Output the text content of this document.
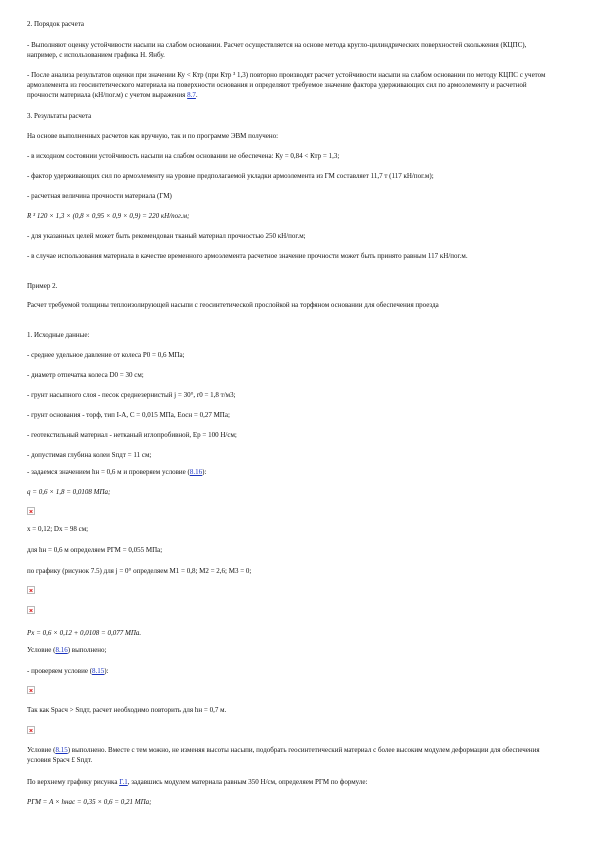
2. Порядок расчета

- Выполняют оценку устойчивости насыпи на слабом основании. Расчет осуществляется на основе метода кругло-цилиндрических поверхностей скольжения (КЦПС), например, с использованием графика Н. Янбу.

- После анализа результатов оценки при значении Ку < Ктр (при Ктр ³ 1,3) повторно производят расчет устойчивости насыпи на слабом основании по методу КЦПС с учетом армоэлемента из геосинтетического материала на поверхности основания и определяют требуемое значение фактора удерживающих сил по армоэлементу и расчетной прочности материала (кН/пог.м) с учетом выражения 8.7.

3. Результаты расчета

На основе выполненных расчетов как вручную, так и по программе ЭВМ получено:

- в исходном состоянии устойчивость насыпи на слабом основании не обеспечена: Ку = 0,84 < Ктр = 1,3;

- фактор удерживающих сил по армоэлементу на уровне предполагаемой укладки армоэлемента из ГМ составляет 11,7 т (117 кН/пог.м);

- расчетная величина прочности материала (ГМ)

R ³ 120 × 1,3 × (0,8 × 0,95 × 0,9 × 0,9) = 220 кН/пог.м;

- для указанных целей может быть рекомендован тканый материал прочностью 250 кН/пог.м;

- в случае использования материала в качестве временного армоэлемента расчетное значение прочности может быть принято равным 117 кН/пог.м.

Пример 2.

Расчет требуемой толщины теплоизолирующей насыпи с геосинтетической прослойкой на торфяном основании для обеспечения проезда

1. Исходные данные:

- среднее удельное давление от колеса P0 = 0,6 МПа;

- диаметр отпечатка колеса D0 = 30 см;

- грунт насыпного слоя - песок среднезернистый j = 30°, r0 = 1,8 т/м3;

- грунт основания - торф, тип I-А, C = 0,015 МПа, Eосн = 0,27 МПа;

- геотекстильный материал - нетканый иглопробивной, Ep = 100 Н/см;

- допустимая глубина колеи Sпдт = 11 см;

- задаемся значением hн = 0,6 м и проверяем условие (8.16):

q = 0,6 × 1,8 = 0,0108 МПа;

x = 0,12; Dх = 98 см;

для hн = 0,6 м определяем PГМ = 0,055 МПа;

по графику (рисунок 7.5) для j = 0° определяем M1 = 0,8; M2 = 2,6; M3 = 0;

Px = 0,6 × 0,12 + 0,0108 = 0,077 МПа.

Условие (8.16) выполнено;

- проверяем условие (8.15):

Так как Sрасч > Sпдт, расчет необходимо повторить для hн = 0,7 м.

Условие (8.15) выполнено. Вместе с тем можно, не изменяя высоты насыпи, подобрать геосинтетический материал с более высоким модулем деформации для обеспечения условия Sрасч £ Sпдт.

По верхнему графику рисунка Г.1, задавшись модулем материала равным 350 Н/см, определяем PГМ по формуле:

PГМ = A × hнас = 0,35 × 0,6 = 0,21 МПа;
